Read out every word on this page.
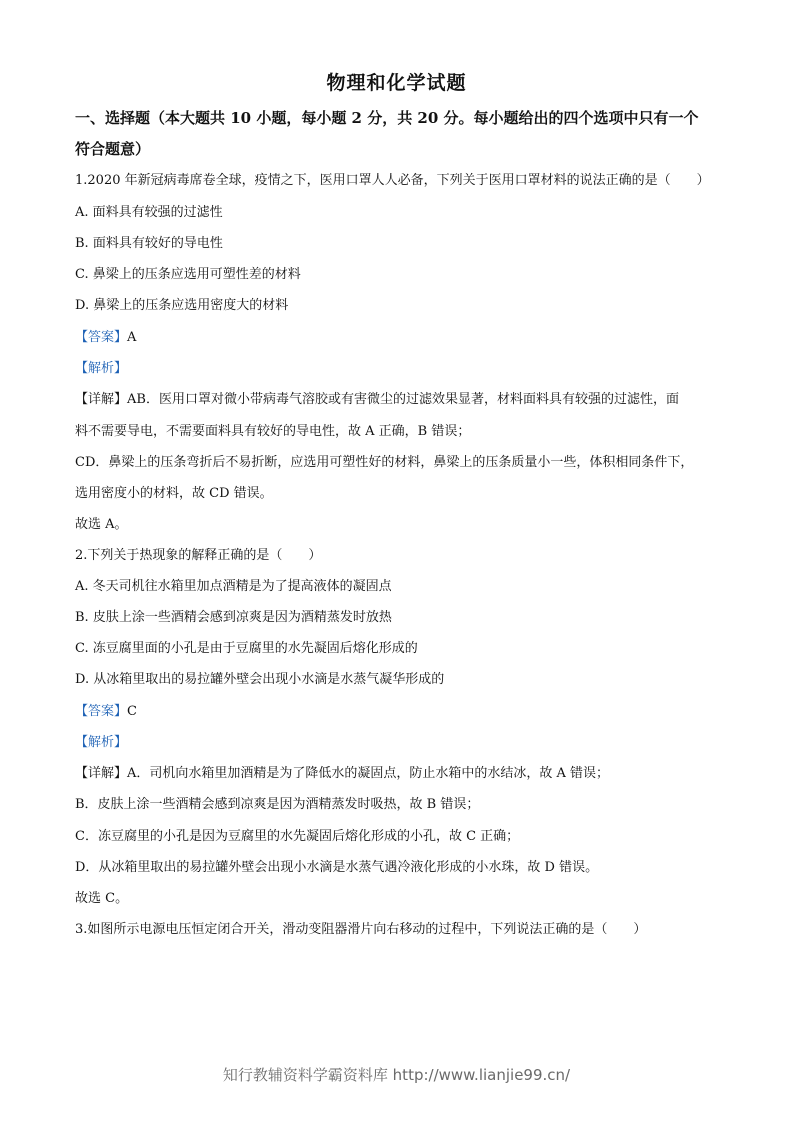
物理和化学试题
一、选择题（本大题共 10 小题，每小题 2 分，共 20 分。每小题给出的四个选项中只有一个
符合题意）
1.2020 年新冠病毒席卷全球，疫情之下，医用口罩人人必备，下列关于医用口罩材料的说法正确的是（　　）
A. 面料具有较强的过滤性
B. 面料具有较好的导电性
C. 鼻梁上的压条应选用可塑性差的材料
D. 鼻梁上的压条应选用密度大的材料
【答案】A
【解析】
【详解】AB．医用口罩对微小带病毒气溶胶或有害微尘的过滤效果显著，材料面料具有较强的过滤性，面
料不需要导电，不需要面料具有较好的导电性，故 A 正确，B 错误；
CD．鼻梁上的压条弯折后不易折断，应选用可塑性好的材料，鼻梁上的压条质量小一些，体积相同条件下，
选用密度小的材料，故 CD 错误。
故选 A。
2.下列关于热现象的解释正确的是（　　）
A. 冬天司机往水箱里加点酒精是为了提高液体的凝固点
B. 皮肤上涂一些酒精会感到凉爽是因为酒精蒸发时放热
C. 冻豆腐里面的小孔是由于豆腐里的水先凝固后熔化形成的
D. 从冰箱里取出的易拉罐外壁会出现小水滴是水蒸气凝华形成的
【答案】C
【解析】
【详解】A．司机向水箱里加酒精是为了降低水的凝固点，防止水箱中的水结冰，故 A 错误；
B．皮肤上涂一些酒精会感到凉爽是因为酒精蒸发时吸热，故 B 错误；
C．冻豆腐里的小孔是因为豆腐里的水先凝固后熔化形成的小孔，故 C 正确；
D．从冰箱里取出的易拉罐外壁会出现小水滴是水蒸气遇冷液化形成的小水珠，故 D 错误。
故选 C。
3.如图所示电源电压恒定闭合开关，滑动变阻器滑片向右移动的过程中，下列说法正确的是（　　）
知行教辅资料学霸资料库 http://www.lianjie99.cn/
